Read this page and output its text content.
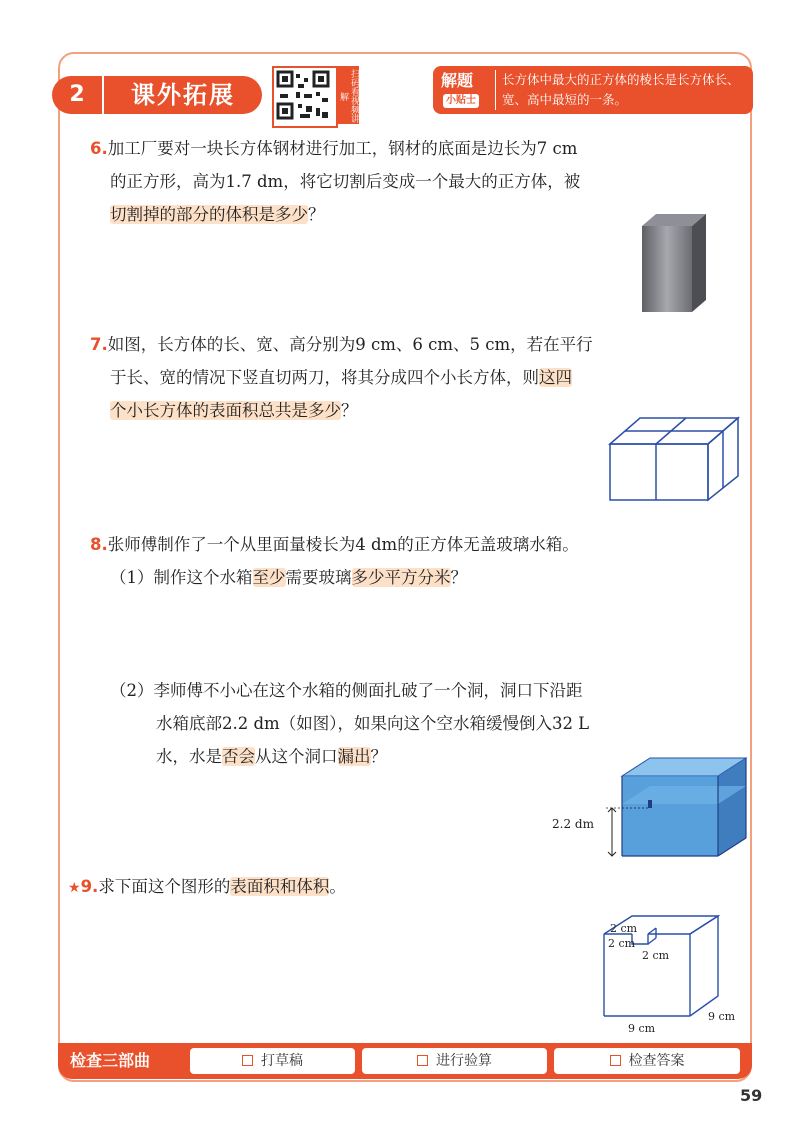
2	课外拓展	扫码看视频讲解
解题
小贴士
长方体中最大的正方体的棱长是长方体长、宽、高中最短的一条。
6.加工厂要对一块长方体钢材进行加工，钢材的底面是边长为7 cm
的正方形，高为1.7 dm，将它切割后变成一个最大的正方体，被
切割掉的部分的体积是多少？
7.如图，长方体的长、宽、高分别为9 cm、6 cm、5 cm，若在平行
于长、宽的情况下竖直切两刀，将其分成四个小长方体，则这四
个小长方体的表面积总共是多少？
8.张师傅制作了一个从里面量棱长为4 dm的正方体无盖玻璃水箱。
（1）制作这个水箱至少需要玻璃多少平方分米？
（2）李师傅不小心在这个水箱的侧面扎破了一个洞，洞口下沿距
水箱底部2.2 dm（如图），如果向这个空水箱缓慢倒入32 L
水，水是否会从这个洞口漏出？
2.2 dm
★9.求下面这个图形的表面积和体积。
2 cm
2 cm
2 cm
9 cm
9 cm
检查三部曲	打草稿	进行验算	检查答案
59
